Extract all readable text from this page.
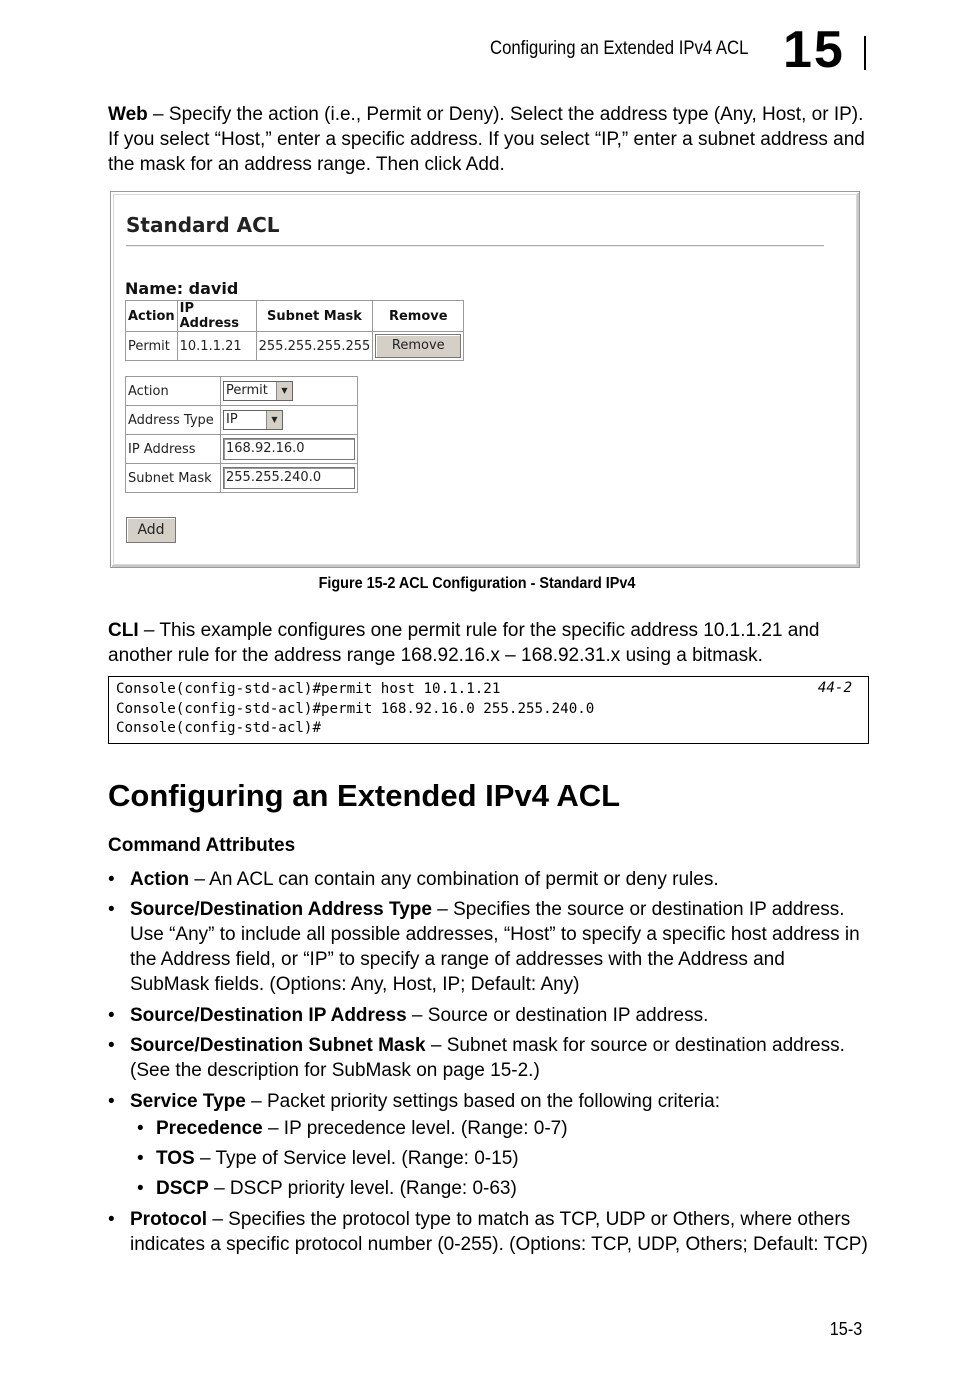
Configuring an Extended IPv4 ACL 15
Web – Specify the action (i.e., Permit or Deny). Select the address type (Any, Host, or IP). If you select “Host,” enter a specific address. If you select “IP,” enter a subnet address and the mask for an address range. Then click Add.
Standard ACL
Name: david
Action	IP Address	Subnet Mask	Remove
Permit	10.1.1.21	255.255.255.255	Remove
Action	Permit ▼

Address Type	IP ▼

IP Address	168.92.16.0
Subnet Mask	255.255.240.0
Add
Figure 15-2 ACL Configuration - Standard IPv4
CLI – This example configures one permit rule for the specific address 10.1.1.21 and another rule for the address range 168.92.16.x – 168.92.31.x using a bitmask.
Console(config-std-acl)#permit host 10.1.1.21
Console(config-std-acl)#permit 168.92.16.0 255.255.240.0
Console(config-std-acl)#
44-2
Configuring an Extended IPv4 ACL
Command Attributes
• Action – An ACL can contain any combination of permit or deny rules.
• Source/Destination Address Type – Specifies the source or destination IP address. Use “Any” to include all possible addresses, “Host” to specify a specific host address in the Address field, or “IP” to specify a range of addresses with the Address and SubMask fields. (Options: Any, Host, IP; Default: Any)
• Source/Destination IP Address – Source or destination IP address.
• Source/Destination Subnet Mask – Subnet mask for source or destination address. (See the description for SubMask on page 15-2.)
• Service Type – Packet priority settings based on the following criteria:
• Precedence – IP precedence level. (Range: 0-7)
• TOS – Type of Service level. (Range: 0-15)
• DSCP – DSCP priority level. (Range: 0-63)
• Protocol – Specifies the protocol type to match as TCP, UDP or Others, where others indicates a specific protocol number (0-255). (Options: TCP, UDP, Others; Default: TCP)
15-3
